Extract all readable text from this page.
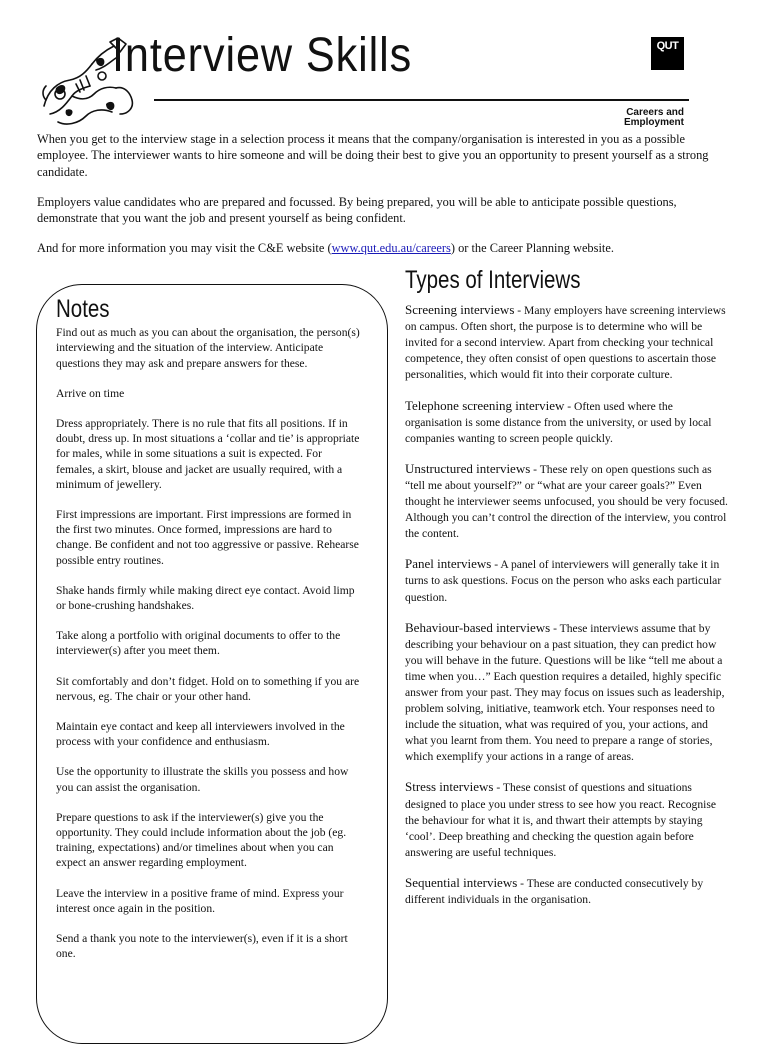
Interview Skills	QUT
Careers and Employment

When you get to the interview stage in a selection process it means that the company/organisation is interested in you as a possible employee. The interviewer wants to hire someone and will be doing their best to give you an opportunity to present yourself as a strong candidate.

Employers value candidates who are prepared and focussed. By being prepared, you will be able to anticipate possible questions, demonstrate that you want the job and present yourself as being confident.

And for more information you may visit the C&E website (www.qut.edu.au/careers) or the Career Planning website.

Notes
Find out as much as you can about the organisation, the person(s) interviewing and the situation of the interview. Anticipate questions they may ask and prepare answers for these.
Arrive on time
Dress appropriately. There is no rule that fits all positions. If in doubt, dress up. In most situations a ‘collar and tie’ is appropriate for males, while in some situations a suit is expected. For females, a skirt, blouse and jacket are usually required, with a minimum of jewellery.
First impressions are important. First impressions are formed in the first two minutes. Once formed, impressions are hard to change. Be confident and not too aggressive or passive. Rehearse possible entry routines.
Shake hands firmly while making direct eye contact. Avoid limp or bone-crushing handshakes.
Take along a portfolio with original documents to offer to the interviewer(s) after you meet them.
Sit comfortably and don’t fidget. Hold on to something if you are nervous, eg. The chair or your other hand.
Maintain eye contact and keep all interviewers involved in the process with your confidence and enthusiasm.
Use the opportunity to illustrate the skills you possess and how you can assist the organisation.
Prepare questions to ask if the interviewer(s) give you the opportunity. They could include information about the job (eg. training, expectations) and/or timelines about when you can expect an answer regarding employment.
Leave the interview in a positive frame of mind. Express your interest once again in the position.
Send a thank you note to the interviewer(s), even if it is a short one.
Types of Interviews

Screening interviews - Many employers have screening interviews on campus. Often short, the purpose is to determine who will be invited for a second interview. Apart from checking your technical competence, they often consist of open questions to ascertain those personalities, which would fit into their corporate culture.

Telephone screening interview - Often used where the organisation is some distance from the university, or used by local companies wanting to screen people quickly.

Unstructured interviews - These rely on open questions such as “tell me about yourself?” or “what are your career goals?” Even thought he interviewer seems unfocused, you should be very focused. Although you can’t control the direction of the interview, you control the content.

Panel interviews - A panel of interviewers will generally take it in turns to ask questions. Focus on the person who asks each particular question.

Behaviour-based interviews - These interviews assume that by describing your behaviour on a past situation, they can predict how you will behave in the future. Questions will be like “tell me about a time when you…” Each question requires a detailed, highly specific answer from your past. They may focus on issues such as leadership, problem solving, initiative, teamwork etch. Your responses need to include the situation, what was required of you, your actions, and what you learnt from them. You need to prepare a range of stories, which exemplify your actions in a range of areas.

Stress interviews - These consist of questions and situations designed to place you under stress to see how you react. Recognise the behaviour for what it is, and thwart their attempts by staying ‘cool’. Deep breathing and checking the question again before answering are useful techniques.

Sequential interviews - These are conducted consecutively by different individuals in the organisation.
